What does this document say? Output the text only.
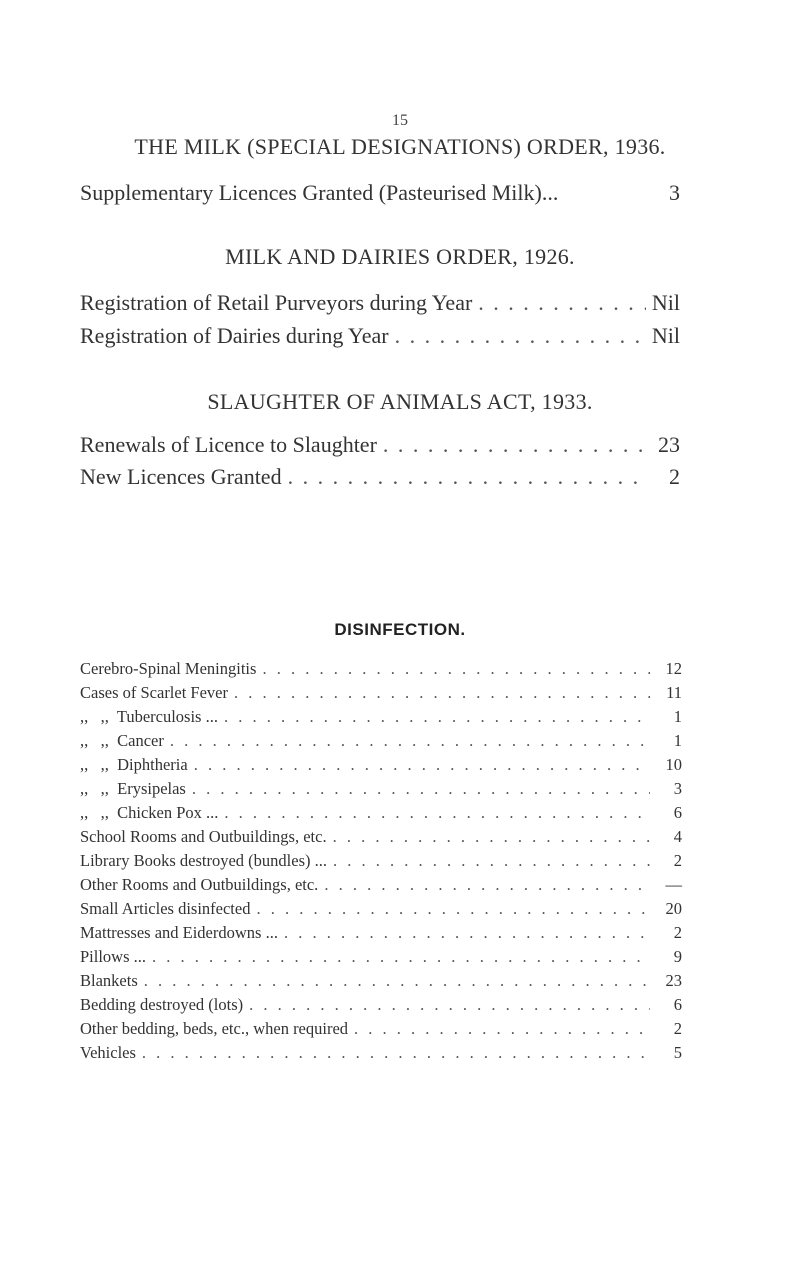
15
THE MILK (SPECIAL DESIGNATIONS) ORDER, 1936.
Supplementary Licences Granted (Pasteurised Milk)...	3
MILK AND DAIRIES ORDER, 1926.
Registration of Retail Purveyors during Year . . .	Nil
Registration of Dairies during Year . . .	Nil
SLAUGHTER OF ANIMALS ACT, 1933.
Renewals of Licence to Slaughter . . .	23
New Licences Granted . . .	2
DISINFECTION.
Cerebro-Spinal Meningitis . . .	12
Cases of Scarlet Fever . . .	11
,,   ,,  Tuberculosis ... . . .	1
,,   ,,  Cancer . . .	1
,,   ,,  Diphtheria . . .	10
,,   ,,  Erysipelas . . .	3
,,   ,,  Chicken Pox ... . . .	6
School Rooms and Outbuildings, etc. . . .	4
Library Books destroyed (bundles) ... . . .	2
Other Rooms and Outbuildings, etc. . . .	—
Small Articles disinfected . . .	20
Mattresses and Eiderdowns ... . . .	2
Pillows ... . . .	9
Blankets . . .	23
Bedding destroyed (lots) . . .	6
Other bedding, beds, etc., when required . . .	2
Vehicles . . .	5
